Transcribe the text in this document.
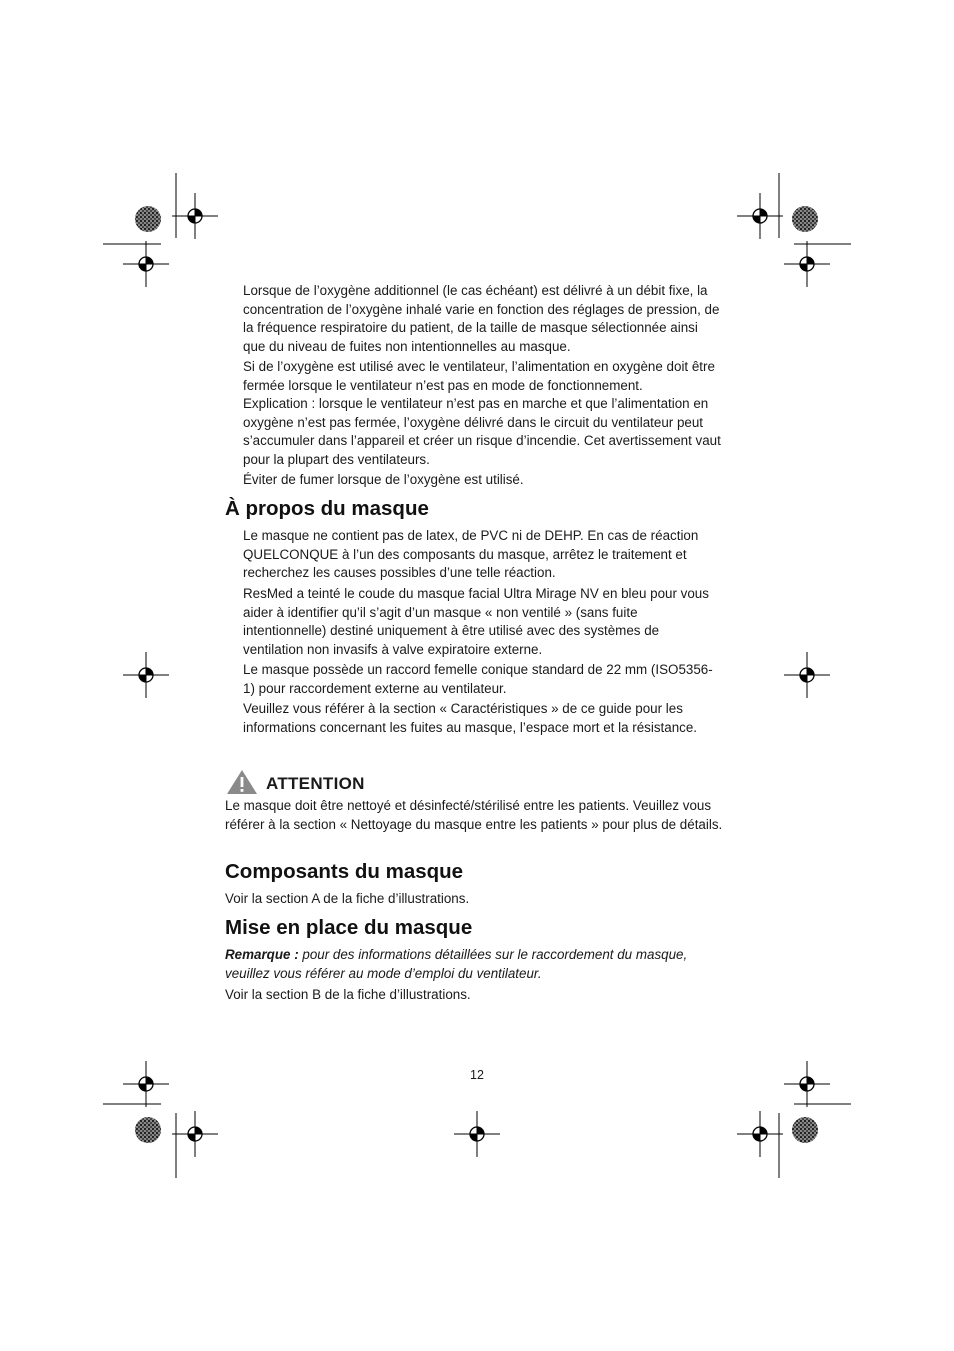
Lorsque de l’oxygène additionnel (le cas échéant) est délivré à un débit fixe, la concentration de l’oxygène inhalé varie en fonction des réglages de pression, de la fréquence respiratoire du patient, de la taille de masque sélectionnée ainsi que du niveau de fuites non intentionnelles au masque.

Si de l’oxygène est utilisé avec le ventilateur, l’alimentation en oxygène doit être fermée lorsque le ventilateur n’est pas en mode de fonctionnement.

Explication : lorsque le ventilateur n’est pas en marche et que l’alimentation en oxygène n’est pas fermée, l’oxygène délivré dans le circuit du ventilateur peut s’accumuler dans l’appareil et créer un risque d’incendie. Cet avertissement vaut pour la plupart des ventilateurs.

Éviter de fumer lorsque de l’oxygène est utilisé.

À propos du masque

Le masque ne contient pas de latex, de PVC ni de DEHP. En cas de réaction QUELCONQUE à l’un des composants du masque, arrêtez le traitement et recherchez les causes possibles d’une telle réaction.

ResMed a teinté le coude du masque facial Ultra Mirage NV en bleu pour vous aider à identifier qu’il s’agit d’un masque « non ventilé » (sans fuite intentionnelle) destiné uniquement à être utilisé avec des systèmes de ventilation non invasifs à valve expiratoire externe.

Le masque possède un raccord femelle conique standard de 22 mm (ISO5356-1) pour raccordement externe au ventilateur.

Veuillez vous référer à la section « Caractéristiques » de ce guide pour les informations concernant les fuites au masque, l’espace mort et la résistance.

ATTENTION

Le masque doit être nettoyé et désinfecté/stérilisé entre les patients. Veuillez vous référer à la section « Nettoyage du masque entre les patients » pour plus de détails.

Composants du masque

Voir la section A de la fiche d’illustrations.

Mise en place du masque

Remarque : pour des informations détaillées sur le raccordement du masque, veuillez vous référer au mode d’emploi du ventilateur.

Voir la section B de la fiche d’illustrations.

12
